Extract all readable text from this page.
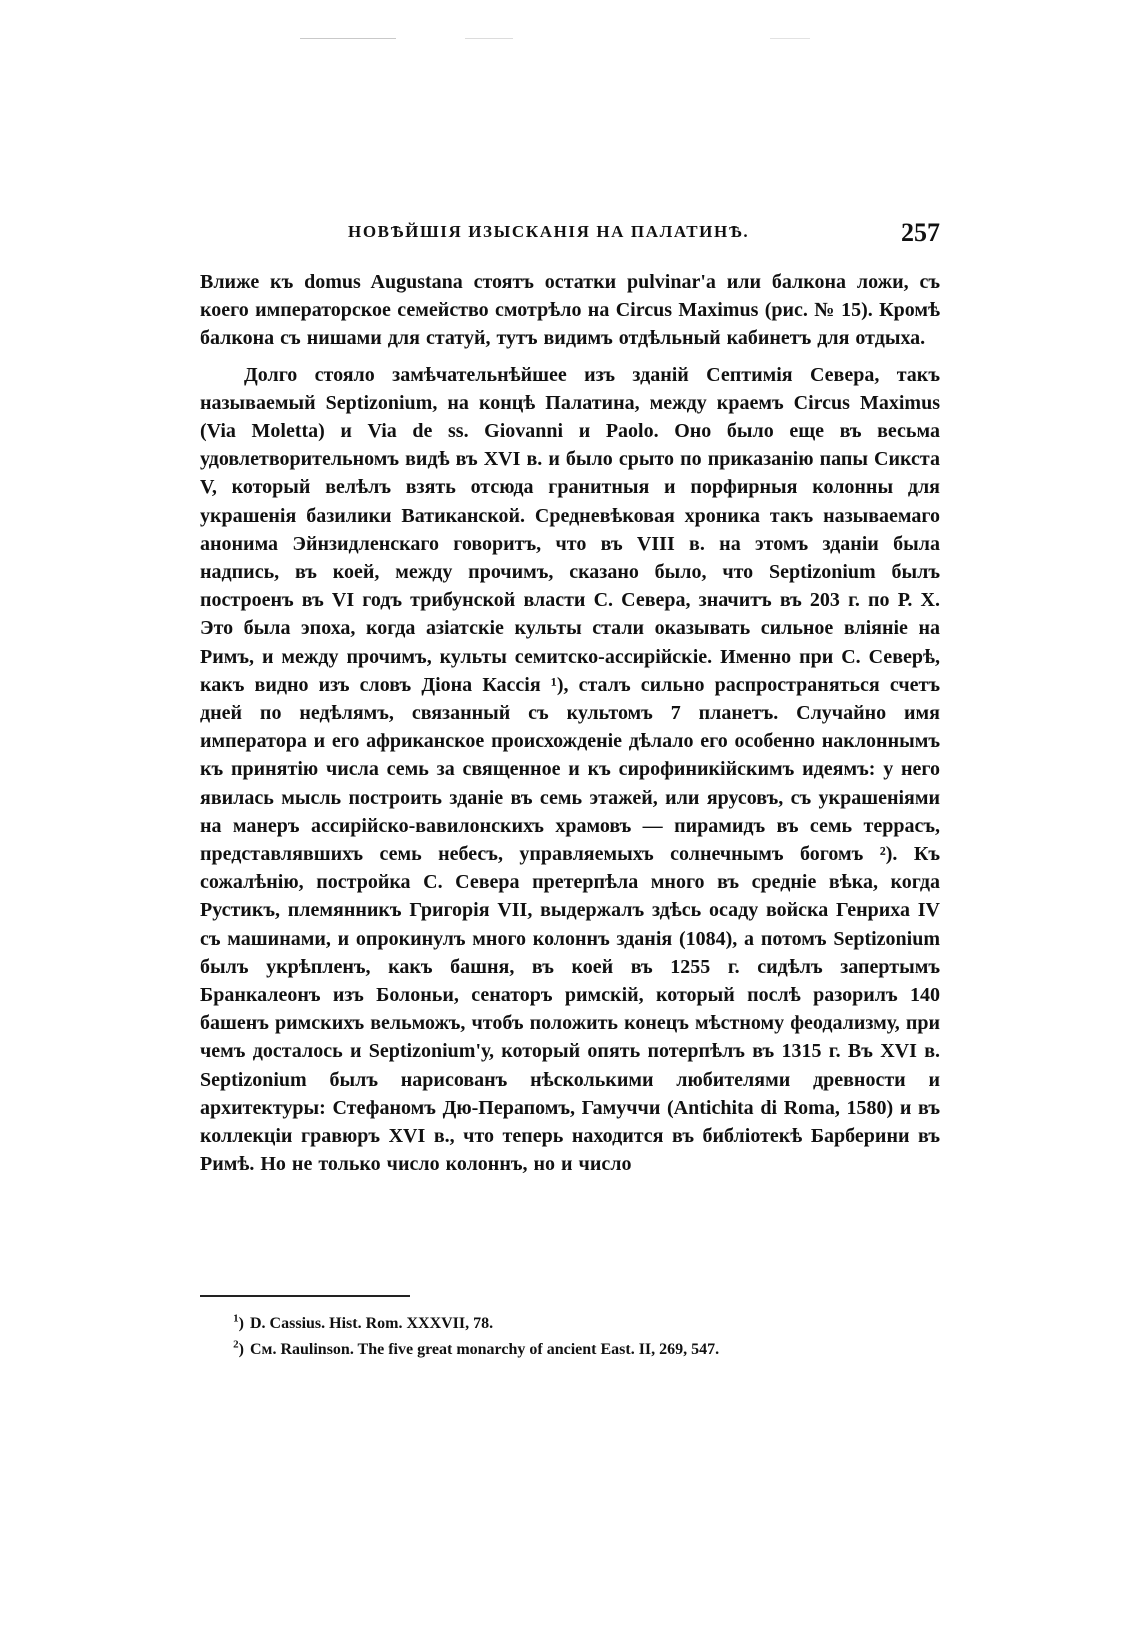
НОВѢЙШІЯ ИЗЫСКАНІЯ НА ПАЛАТИНѢ.	257

Влиже къ domus Augustana стоятъ остатки pulvinar'а или балкона ложи, съ коего императорское семейство смотрѣло на Circus Maximus (рис. № 15). Кромѣ балкона съ нишами для статуй, тутъ видимъ отдѣльный кабинетъ для отдыха.

Долго стояло замѣчательнѣйшее изъ зданій Септимія Севера, такъ называемый Septizonium, на концѣ Палатина, между краемъ Circus Maximus (Via Moletta) и Via de ss. Giovanni и Paolo. Оно было еще въ весьма удовлетворительномъ видѣ въ XVI в. и было срыто по приказанію папы Сикста V, который велѣлъ взять отсюда гранитныя и порфирныя колонны для украшенія базилики Ватиканской. Средневѣковая хроника такъ называемаго анонима Эйнзидленскаго говоритъ, что въ VIII в. на этомъ зданіи была надпись, въ коей, между прочимъ, сказано было, что Septizonium былъ построенъ въ VI годъ трибунской власти С. Севера, значитъ въ 203 г. по Р. Х. Это была эпоха, когда азіатскіе культы стали оказывать сильное вліяніе на Римъ, и между прочимъ, культы семитско-ассирійскіе. Именно при С. Северѣ, какъ видно изъ словъ Діона Кассія ¹), сталъ сильно распространяться счетъ дней по недѣлямъ, связанный съ культомъ 7 планетъ. Случайно имя императора и его африканское происхожденіе дѣлало его особенно наклоннымъ къ принятію числа семь за священное и къ сирофиникійскимъ идеямъ: у него явилась мысль построить зданіе въ семь этажей, или ярусовъ, съ украшеніями на манеръ ассирійско-вавилонскихъ храмовъ — пирамидъ въ семь террасъ, представлявшихъ семь небесъ, управляемыхъ солнечнымъ богомъ ²). Къ сожалѣнію, постройка С. Севера претерпѣла много въ средніе вѣка, когда Рустикъ, племянникъ Григорія VII, выдержалъ здѣсь осаду войска Генриха IV съ машинами, и опрокинулъ много колоннъ зданія (1084), а потомъ Septizonium былъ укрѣпленъ, какъ башня, въ коей въ 1255 г. сидѣлъ запертымъ Бранкалеонъ изъ Болоньи, сенаторъ римскій, который послѣ разорилъ 140 башенъ римскихъ вельможъ, чтобъ положить конецъ мѣстному феодализму, при чемъ досталось и Septizonium'у, который опять потерпѣлъ въ 1315 г. Въ XVI в. Septizonium былъ нарисованъ нѣсколькими любителями древности и архитектуры: Стефаномъ Дю-Перапомъ, Гамуччи (Antichita di Roma, 1580) и въ коллекціи гравюръ XVI в., что теперь находится въ библіотекѣ Барберини въ Римѣ. Но не только число колоннъ, но и число

$^1$) D. Cassius. Hist. Rom. XXXVII, 78.
$^2$) См. Raulinson. The five great monarchy of ancient East. II, 269, 547.
